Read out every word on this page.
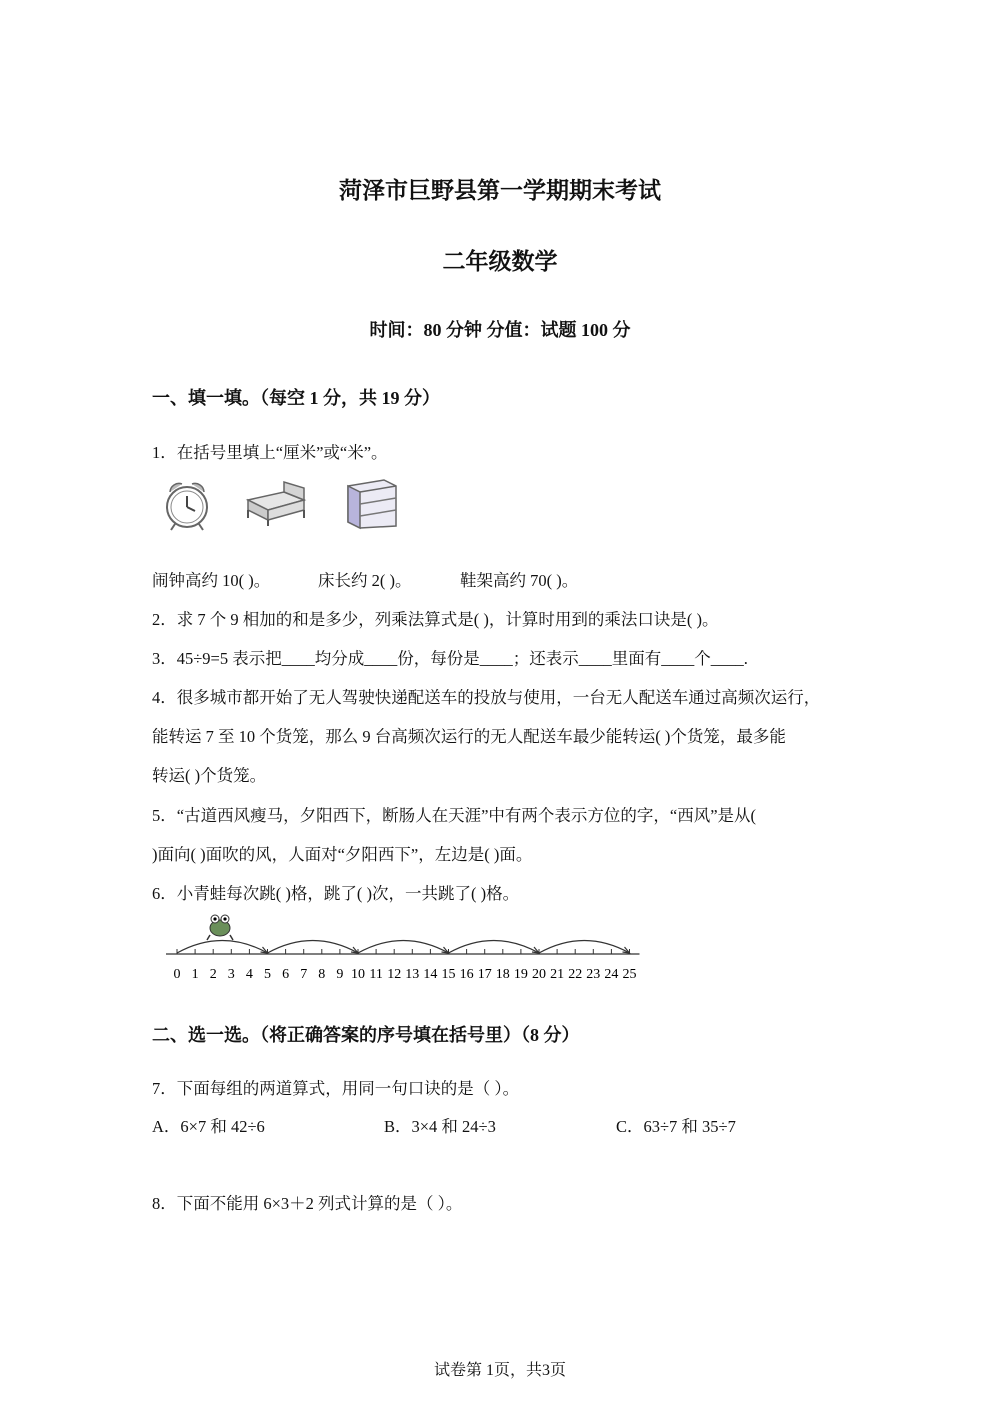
菏泽市巨野县第一学期期末考试
二年级数学
时间：80 分钟 分值：试题 100 分
一、填一填。（每空 1 分，共 19 分）
1．在括号里填上“厘米”或“米”。
闹钟高约 10( )。	床长约 2( )。	鞋架高约 70( )。
2．求 7 个 9 相加的和是多少，列乘法算式是( )，计算时用到的乘法口诀是( )。
3．45÷9=5 表示把____均分成____份，每份是____；还表示____里面有____个____.
4．很多城市都开始了无人驾驶快递配送车的投放与使用，一台无人配送车通过高频次运行，
能转运 7 至 10 个货笼，那么 9 台高频次运行的无人配送车最少能转运( )个货笼，最多能
转运( )个货笼。
5．“古道西风瘦马，夕阳西下，断肠人在天涯”中有两个表示方位的字，“西风”是从(
)面向( )面吹的风，人面对“夕阳西下”，左边是( )面。
6．小青蛙每次跳( )格，跳了( )次，一共跳了( )格。
0 1 2 3 4 5 6 7 8 9 10 11 12 13 14 15 16 17 18 19 20 21 22 23 24 25
二、选一选。（将正确答案的序号填在括号里）（8 分）
7．下面每组的两道算式，用同一句口诀的是（ ）。
A．6×7 和 42÷6	B．3×4 和 24÷3	C．63÷7 和 35÷7
8．下面不能用 6×3＋2 列式计算的是（ ）。
试卷第 1页，共3页
